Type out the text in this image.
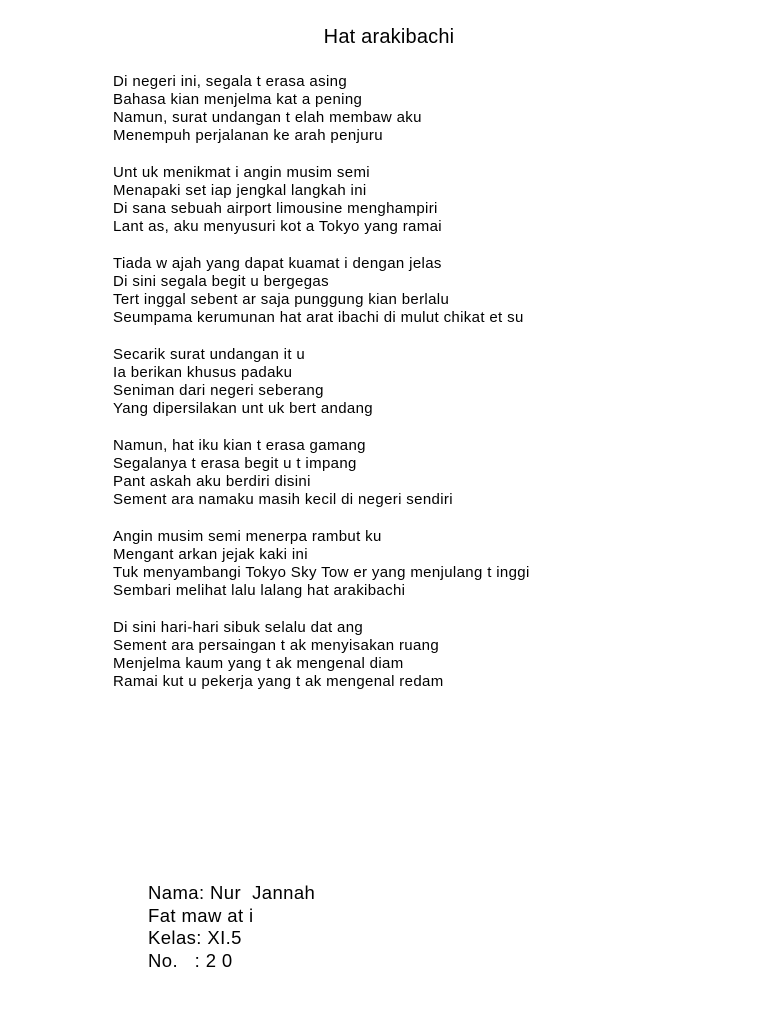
Hat arakibachi
Di negeri ini, segala t erasa asing
Bahasa kian menjelma kat a pening
Namun, surat undangan t elah membaw aku
Menempuh perjalanan ke arah penjuru
Unt uk menikmat i angin musim semi
Menapaki set iap jengkal langkah ini
Di sana sebuah airport limousine menghampiri
Lant as, aku menyusuri kot a Tokyo yang ramai
Tiada w ajah yang dapat kuamat i dengan jelas
Di sini segala begit u bergegas
Tert inggal sebent ar saja punggung kian berlalu
Seumpama kerumunan hat arat ibachi di mulut chikat et su
Secarik surat undangan it u
Ia berikan khusus padaku
Seniman dari negeri seberang
Yang dipersilakan unt uk bert andang
Namun, hat iku kian t erasa gamang
Segalanya t erasa begit u t impang
Pant askah aku berdiri disini
Sement ara namaku masih kecil di negeri sendiri
Angin musim semi menerpa rambut ku
Mengant arkan jejak kaki ini
Tuk menyambangi Tokyo Sky Tow er yang menjulang t inggi
Sembari melihat lalu lalang hat arakibachi
Di sini hari-hari sibuk selalu dat ang
Sement ara persaingan t ak menyisakan ruang
Menjelma kaum yang t ak mengenal diam
Ramai kut u pekerja yang t ak mengenal redam
Nama: Nur  Jannah
Fat maw at i
Kelas: XI.5
No.   : 2 0
